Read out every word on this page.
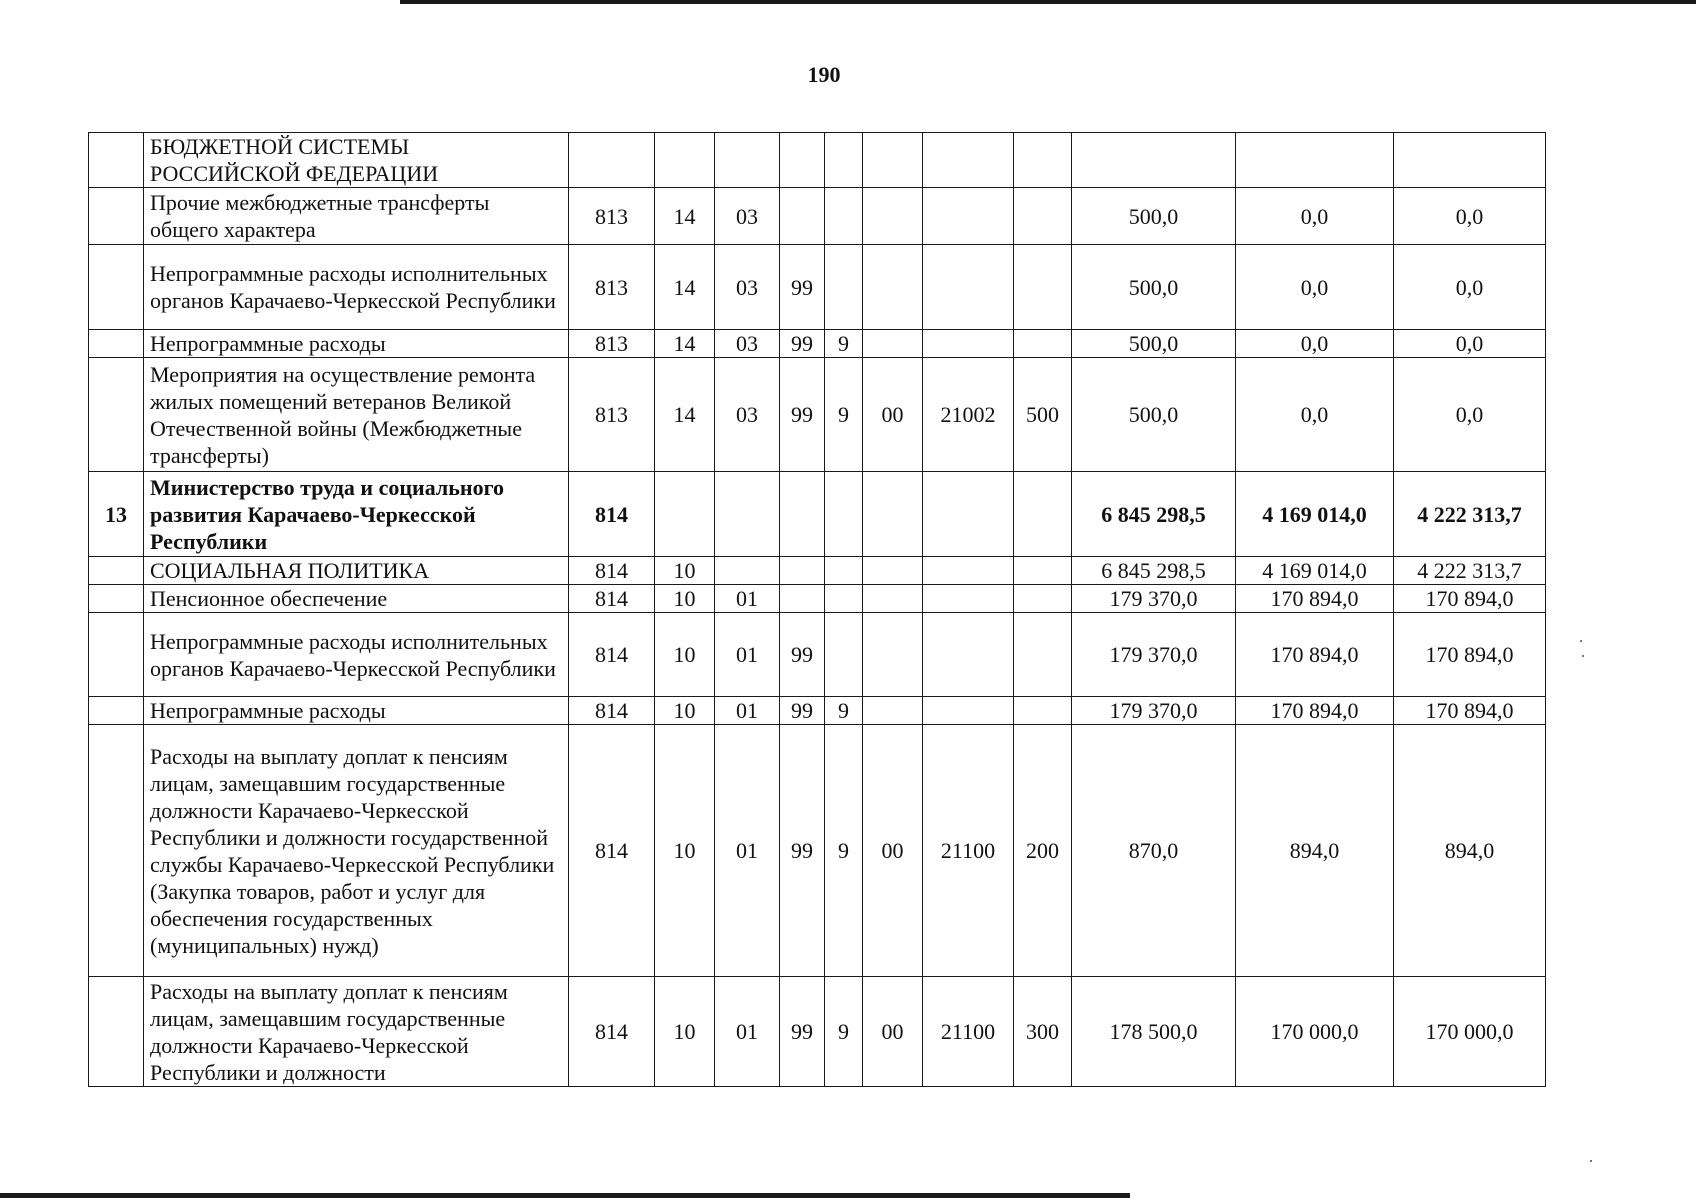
190
	БЮДЖЕТНОЙ СИСТЕМЫ РОССИЙСКОЙ ФЕДЕРАЦИИ											
	Прочие межбюджетные трансферты общего характера	813	14	03						500,0	0,0	0,0
	Непрограммные расходы исполнительных органов Карачаево-Черкесской Республики	813	14	03	99					500,0	0,0	0,0
	Непрограммные расходы	813	14	03	99	9				500,0	0,0	0,0
	Мероприятия на осуществление ремонта жилых помещений ветеранов Великой Отечественной войны (Межбюджетные трансферты)	813	14	03	99	9	00	21002	500	500,0	0,0	0,0
13	Министерство труда и социального развития Карачаево-Черкесской Республики	814								6 845 298,5	4 169 014,0	4 222 313,7
	СОЦИАЛЬНАЯ ПОЛИТИКА	814	10							6 845 298,5	4 169 014,0	4 222 313,7
	Пенсионное обеспечение	814	10	01						179 370,0	170 894,0	170 894,0
	Непрограммные расходы исполнительных органов Карачаево-Черкесской Республики	814	10	01	99					179 370,0	170 894,0	170 894,0
	Непрограммные расходы	814	10	01	99	9				179 370,0	170 894,0	170 894,0
	Расходы на выплату доплат к пенсиям лицам, замещавшим государственные должности Карачаево-Черкесской Республики и должности государственной службы Карачаево-Черкесской Республики (Закупка товаров, работ и услуг для обеспечения государственных (муниципальных) нужд)	814	10	01	99	9	00	21100	200	870,0	894,0	894,0
	Расходы на выплату доплат к пенсиям лицам, замещавшим государственные должности Карачаево-Черкесской Республики и должности	814	10	01	99	9	00	21100	300	178 500,0	170 000,0	170 000,0
